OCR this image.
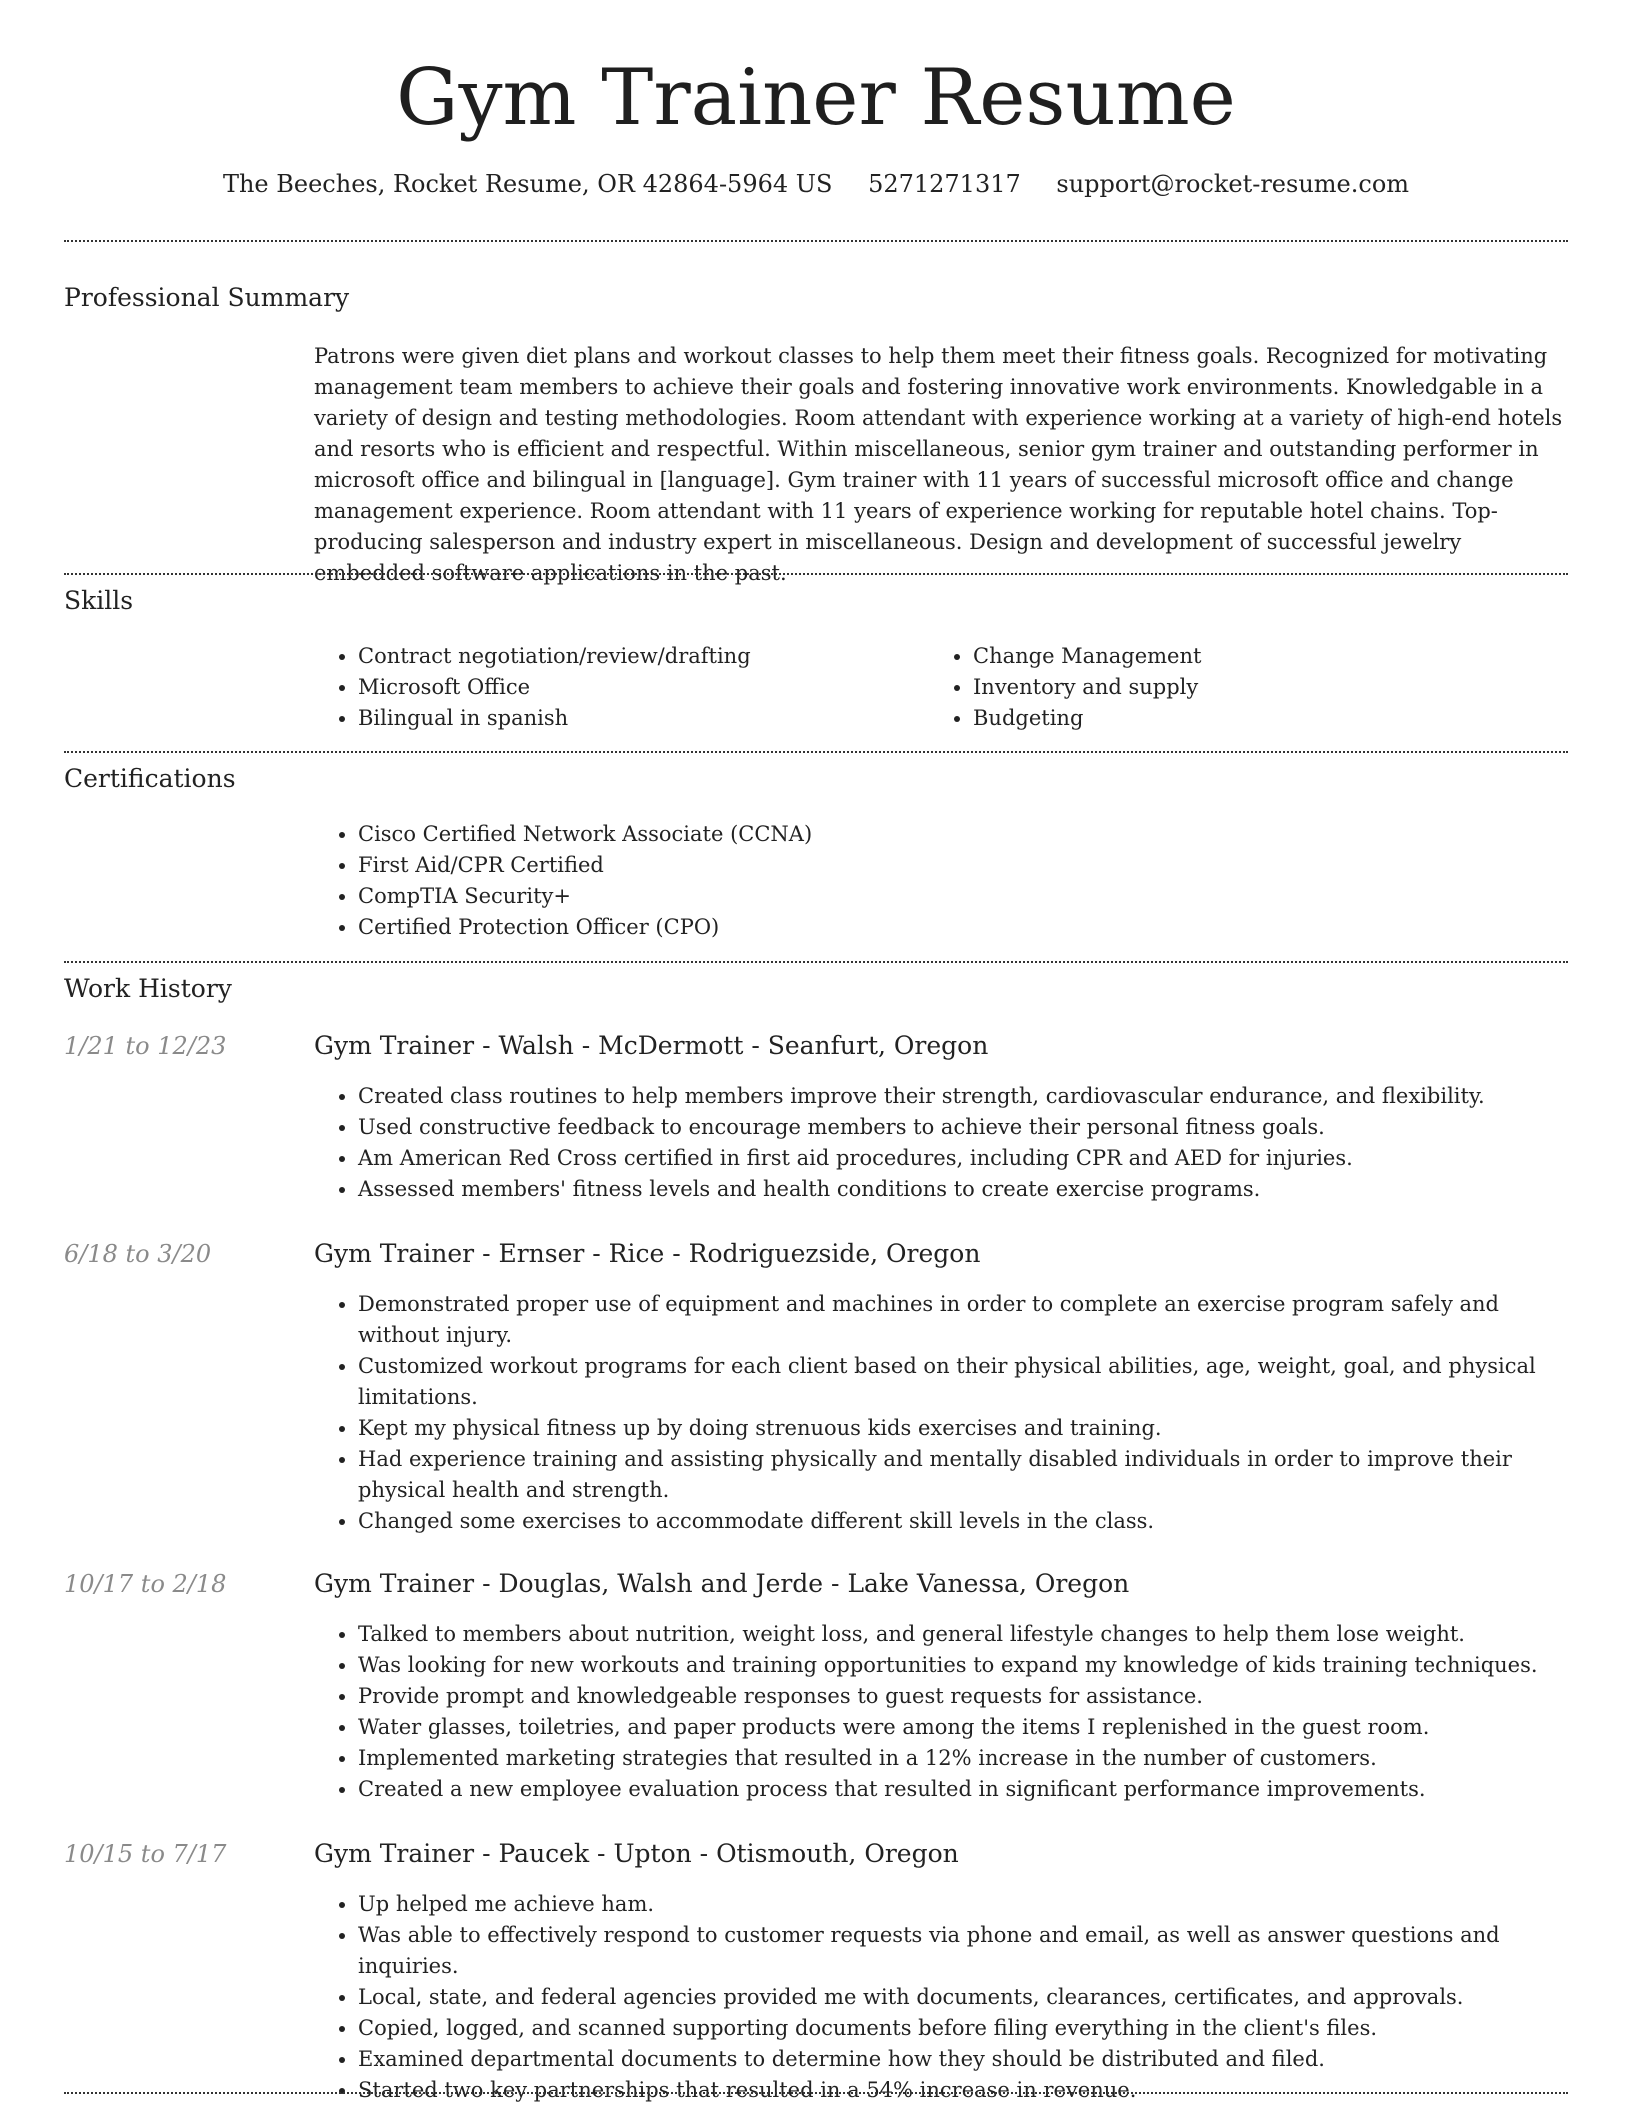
Gym Trainer Resume
The Beeches, Rocket Resume, OR 42864-5964 US 5271271317 support@rocket-resume.com
Professional Summary

Patrons were given diet plans and workout classes to help them meet their fitness goals. Recognized for motivating management team members to achieve their goals and fostering innovative work environments. Knowledgable in a variety of design and testing methodologies. Room attendant with experience working at a variety of high-end hotels and resorts who is efficient and respectful. Within miscellaneous, senior gym trainer and outstanding performer in microsoft office and bilingual in [language]. Gym trainer with 11 years of successful microsoft office and change management experience. Room attendant with 11 years of experience working for reputable hotel chains. Top-producing salesperson and industry expert in miscellaneous. Design and development of successful jewelry embedded software applications in the past.

Skills
• Contract negotiation/review/drafting
• Microsoft Office
• Bilingual in spanish
• Change Management
• Inventory and supply
• Budgeting
Certifications
• Cisco Certified Network Associate (CCNA)
• First Aid/CPR Certified
• CompTIA Security+
• Certified Protection Officer (CPO)
Work History
1/21 to 12/23	Gym Trainer - Walsh - McDermott - Seanfurt, Oregon
• Created class routines to help members improve their strength, cardiovascular endurance, and flexibility.
• Used constructive feedback to encourage members to achieve their personal fitness goals.
• Am American Red Cross certified in first aid procedures, including CPR and AED for injuries.
• Assessed members' fitness levels and health conditions to create exercise programs.
6/18 to 3/20	Gym Trainer - Ernser - Rice - Rodriguezside, Oregon
• Demonstrated proper use of equipment and machines in order to complete an exercise program safely and without injury.
• Customized workout programs for each client based on their physical abilities, age, weight, goal, and physical limitations.
• Kept my physical fitness up by doing strenuous kids exercises and training.
• Had experience training and assisting physically and mentally disabled individuals in order to improve their physical health and strength.
• Changed some exercises to accommodate different skill levels in the class.
10/17 to 2/18	Gym Trainer - Douglas, Walsh and Jerde - Lake Vanessa, Oregon
• Talked to members about nutrition, weight loss, and general lifestyle changes to help them lose weight.
• Was looking for new workouts and training opportunities to expand my knowledge of kids training techniques.
• Provide prompt and knowledgeable responses to guest requests for assistance.
• Water glasses, toiletries, and paper products were among the items I replenished in the guest room.
• Implemented marketing strategies that resulted in a 12% increase in the number of customers.
• Created a new employee evaluation process that resulted in significant performance improvements.
10/15 to 7/17	Gym Trainer - Paucek - Upton - Otismouth, Oregon
• Up helped me achieve ham.
• Was able to effectively respond to customer requests via phone and email, as well as answer questions and inquiries.
• Local, state, and federal agencies provided me with documents, clearances, certificates, and approvals.
• Copied, logged, and scanned supporting documents before filing everything in the client's files.
• Examined departmental documents to determine how they should be distributed and filed.
• Started two key partnerships that resulted in a 54% increase in revenue.
